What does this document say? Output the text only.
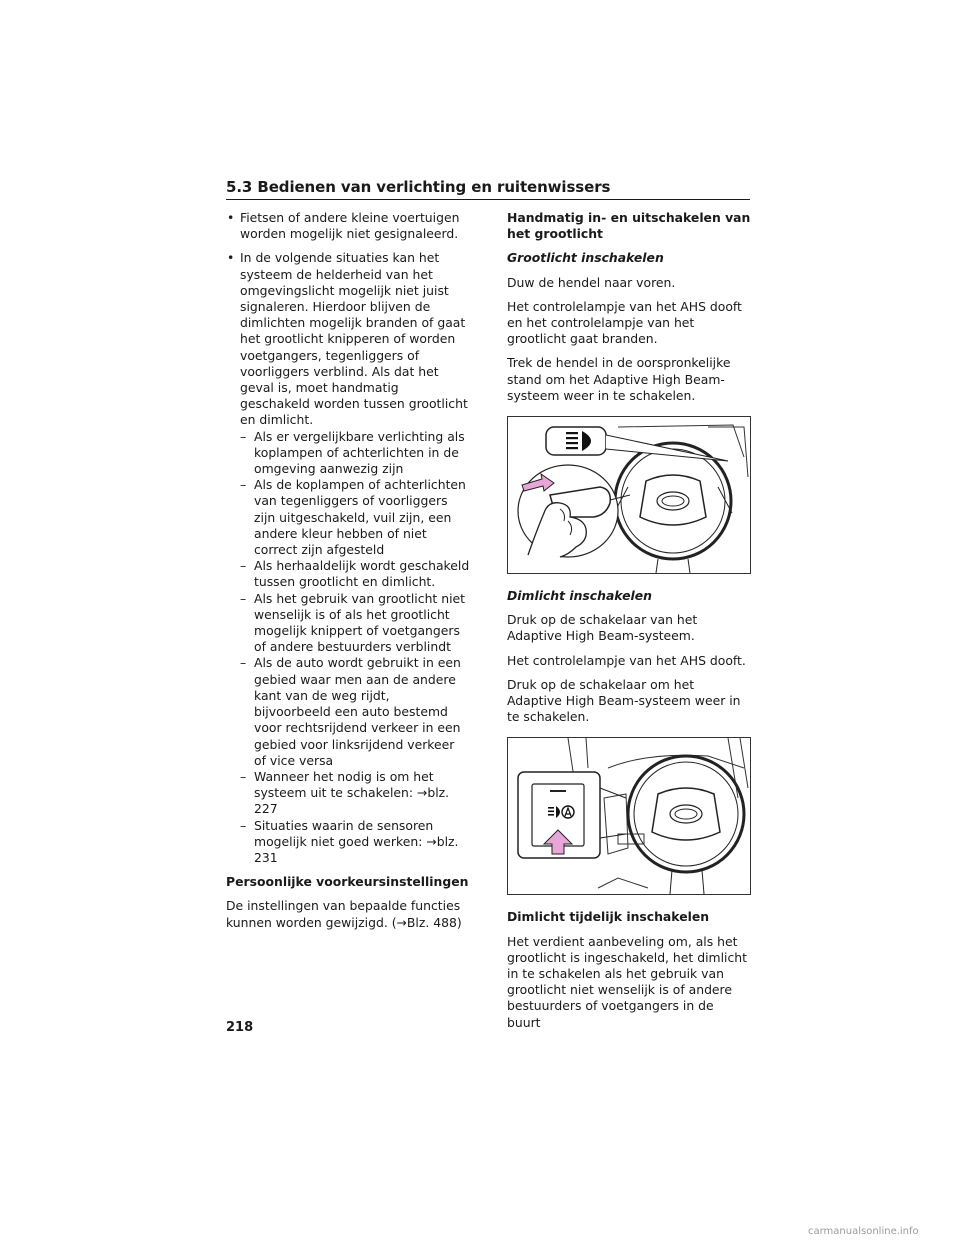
5.3 Bedienen van verlichting en ruitenwissers
• Fietsen of andere kleine voertuigen worden mogelijk niet gesignaleerd.
• In de volgende situaties kan het systeem de helderheid van het omgevingslicht mogelijk niet juist signaleren. Hierdoor blijven de dimlichten mogelijk branden of gaat het grootlicht knipperen of worden voetgangers, tegenliggers of voorliggers verblind. Als dat het geval is, moet handmatig geschakeld worden tussen grootlicht en dimlicht.
– Als er vergelijkbare verlichting als koplampen of achterlichten in de omgeving aanwezig zijn
– Als de koplampen of achterlichten van tegenliggers of voorliggers zijn uitgeschakeld, vuil zijn, een andere kleur hebben of niet correct zijn afgesteld
– Als herhaaldelijk wordt geschakeld tussen grootlicht en dimlicht.
– Als het gebruik van grootlicht niet wenselijk is of als het grootlicht mogelijk knippert of voetgangers of andere bestuurders verblindt
– Als de auto wordt gebruikt in een gebied waar men aan de andere kant van de weg rijdt, bijvoorbeeld een auto bestemd voor rechtsrijdend verkeer in een gebied voor linksrijdend verkeer of vice versa
– Wanneer het nodig is om het systeem uit te schakelen: →blz. 227
– Situaties waarin de sensoren mogelijk niet goed werken: →blz. 231
Persoonlijke voorkeursinstellingen

De instellingen van bepaalde functies kunnen worden gewijzigd. (→Blz. 488)

Handmatig in- en uitschakelen van het grootlicht
Grootlicht inschakelen

Duw de hendel naar voren.

Het controlelampje van het AHS dooft en het controlelampje van het grootlicht gaat branden.

Trek de hendel in de oorspronkelijke stand om het Adaptive High Beam-systeem weer in te schakelen.

Dimlicht inschakelen

Druk op de schakelaar van het Adaptive High Beam-systeem.

Het controlelampje van het AHS dooft.

Druk op de schakelaar om het Adaptive High Beam-systeem weer in te schakelen.

Dimlicht tijdelijk inschakelen

Het verdient aanbeveling om, als het grootlicht is ingeschakeld, het dimlicht in te schakelen als het gebruik van grootlicht niet wenselijk is of andere bestuurders of voetgangers in de buurt

218
carmanualsonline.info
